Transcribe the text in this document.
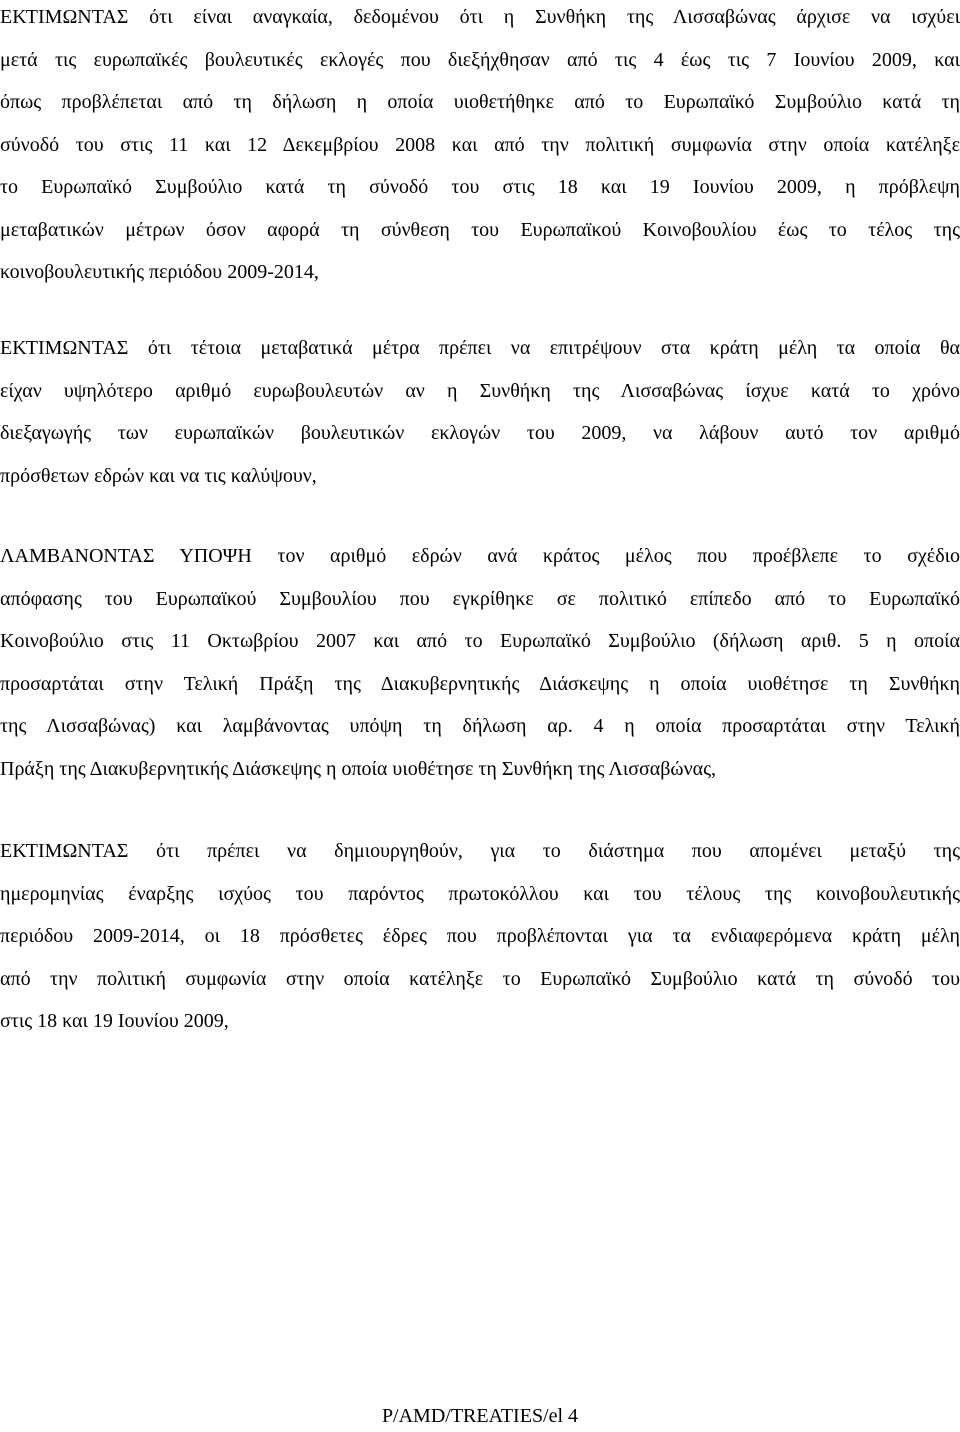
ΕΚΤΙΜΩΝΤΑΣ ότι είναι αναγκαία, δεδομένου ότι η Συνθήκη της Λισσαβώνας άρχισε να ισχύει
μετά τις ευρωπαϊκές βουλευτικές εκλογές που διεξήχθησαν από τις 4 έως τις 7 Ιουνίου 2009, και
όπως προβλέπεται από τη δήλωση η οποία υιοθετήθηκε από το Ευρωπαϊκό Συμβούλιο κατά τη
σύνοδό του στις 11 και 12 Δεκεμβρίου 2008 και από την πολιτική συμφωνία στην οποία κατέληξε
το Ευρωπαϊκό Συμβούλιο κατά τη σύνοδό του στις 18 και 19 Ιουνίου 2009, η πρόβλεψη
μεταβατικών μέτρων όσον αφορά τη σύνθεση του Ευρωπαϊκού Κοινοβουλίου έως το τέλος της
κοινοβουλευτικής περιόδου 2009-2014,
ΕΚΤΙΜΩΝΤΑΣ ότι τέτοια μεταβατικά μέτρα πρέπει να επιτρέψουν στα κράτη μέλη τα οποία θα
είχαν υψηλότερο αριθμό ευρωβουλευτών αν η Συνθήκη της Λισσαβώνας ίσχυε κατά το χρόνο
διεξαγωγής των ευρωπαϊκών βουλευτικών εκλογών του 2009, να λάβουν αυτό τον αριθμό
πρόσθετων εδρών και να τις καλύψουν,
ΛΑΜΒΑΝΟΝΤΑΣ ΥΠΟΨΗ τον αριθμό εδρών ανά κράτος μέλος που προέβλεπε το σχέδιο
απόφασης του Ευρωπαϊκού Συμβουλίου που εγκρίθηκε σε πολιτικό επίπεδο από το Ευρωπαϊκό
Κοινοβούλιο στις 11 Οκτωβρίου 2007 και από το Ευρωπαϊκό Συμβούλιο (δήλωση αριθ. 5 η οποία
προσαρτάται στην Τελική Πράξη της Διακυβερνητικής Διάσκεψης η οποία υιοθέτησε τη Συνθήκη
της Λισσαβώνας) και λαμβάνοντας υπόψη τη δήλωση αρ. 4 η οποία προσαρτάται στην Τελική
Πράξη της Διακυβερνητικής Διάσκεψης η οποία υιοθέτησε τη Συνθήκη της Λισσαβώνας,
ΕΚΤΙΜΩΝΤΑΣ ότι πρέπει να δημιουργηθούν, για το διάστημα που απομένει μεταξύ της
ημερομηνίας έναρξης ισχύος του παρόντος πρωτοκόλλου και του τέλους της κοινοβουλευτικής
περιόδου 2009-2014, οι 18 πρόσθετες έδρες που προβλέπονται για τα ενδιαφερόμενα κράτη μέλη
από την πολιτική συμφωνία στην οποία κατέληξε το Ευρωπαϊκό Συμβούλιο κατά τη σύνοδό του
στις 18 και 19 Ιουνίου 2009,
P/AMD/TREATIES/el 4
